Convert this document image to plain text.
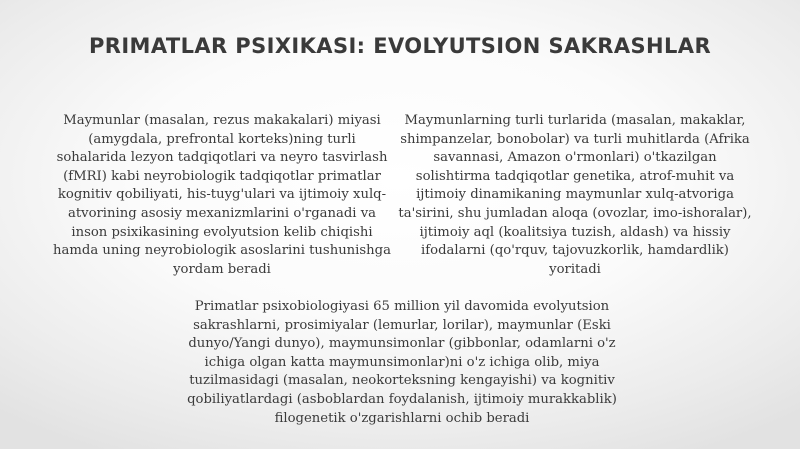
PRIMATLAR PSIXIKASI: EVOLYUTSION SAKRASHLAR

Maymunlar (masalan, rezus makakalari) miyasi (amygdala, prefrontal korteks)ning turli sohalarida lezyon tadqiqotlari va neyro tasvirlash (fMRI) kabi neyrobiologik tadqiqotlar primatlar kognitiv qobiliyati, his-tuyg'ulari va ijtimoiy xulq-atvorining asosiy mexanizmlarini o'rganadi va inson psixikasining evolyutsion kelib chiqishi hamda uning neyrobiologik asoslarini tushunishga yordam beradi

Maymunlarning turli turlarida (masalan, makaklar, shimpanzelar, bonobolar) va turli muhitlarda (Afrika savannasi, Amazon o'rmonlari) o'tkazilgan solishtirma tadqiqotlar genetika, atrof-muhit va ijtimoiy dinamikaning maymunlar xulq-atvoriga ta'sirini, shu jumladan aloqa (ovozlar, imo-ishoralar), ijtimoiy aql (koalitsiya tuzish, aldash) va hissiy ifodalarni (qo'rquv, tajovuzkorlik, hamdardlik) yoritadi

Primatlar psixobiologiyasi 65 million yil davomida evolyutsion sakrashlarni, prosimiyalar (lemurlar, lorilar), maymunlar (Eski dunyo/Yangi dunyo), maymunsimonlar (gibbonlar, odamlarni o'z ichiga olgan katta maymunsimonlar)ni o'z ichiga olib, miya tuzilmasidagi (masalan, neokorteksning kengayishi) va kognitiv qobiliyatlardagi (asboblardan foydalanish, ijtimoiy murakkablik) filogenetik o'zgarishlarni ochib beradi
